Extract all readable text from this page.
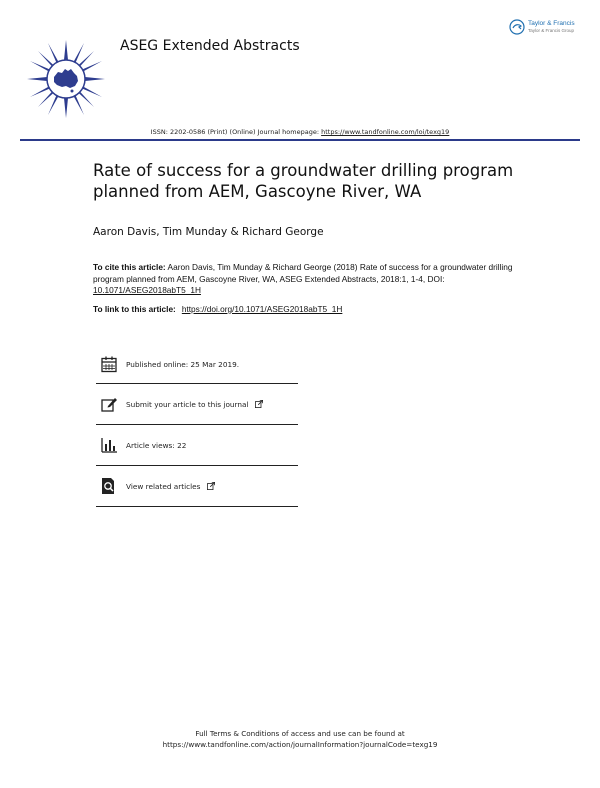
ASEG Extended Abstracts
Taylor & Francis
Taylor & Francis Group
ISSN: 2202-0586 (Print) (Online) Journal homepage: https://www.tandfonline.com/loi/texg19
Rate of success for a groundwater drilling program planned from AEM, Gascoyne River, WA
Aaron Davis, Tim Munday & Richard George
To cite this article: Aaron Davis, Tim Munday & Richard George (2018) Rate of success for a groundwater drilling program planned from AEM, Gascoyne River, WA, ASEG Extended Abstracts, 2018:1, 1-4, DOI: 10.1071/ASEG2018abT5_1H
To link to this article: https://doi.org/10.1071/ASEG2018abT5_1H
Published online: 25 Mar 2019.
Submit your article to this journal
Article views: 22
View related articles
Full Terms & Conditions of access and use can be found at
https://www.tandfonline.com/action/journalInformation?journalCode=texg19
